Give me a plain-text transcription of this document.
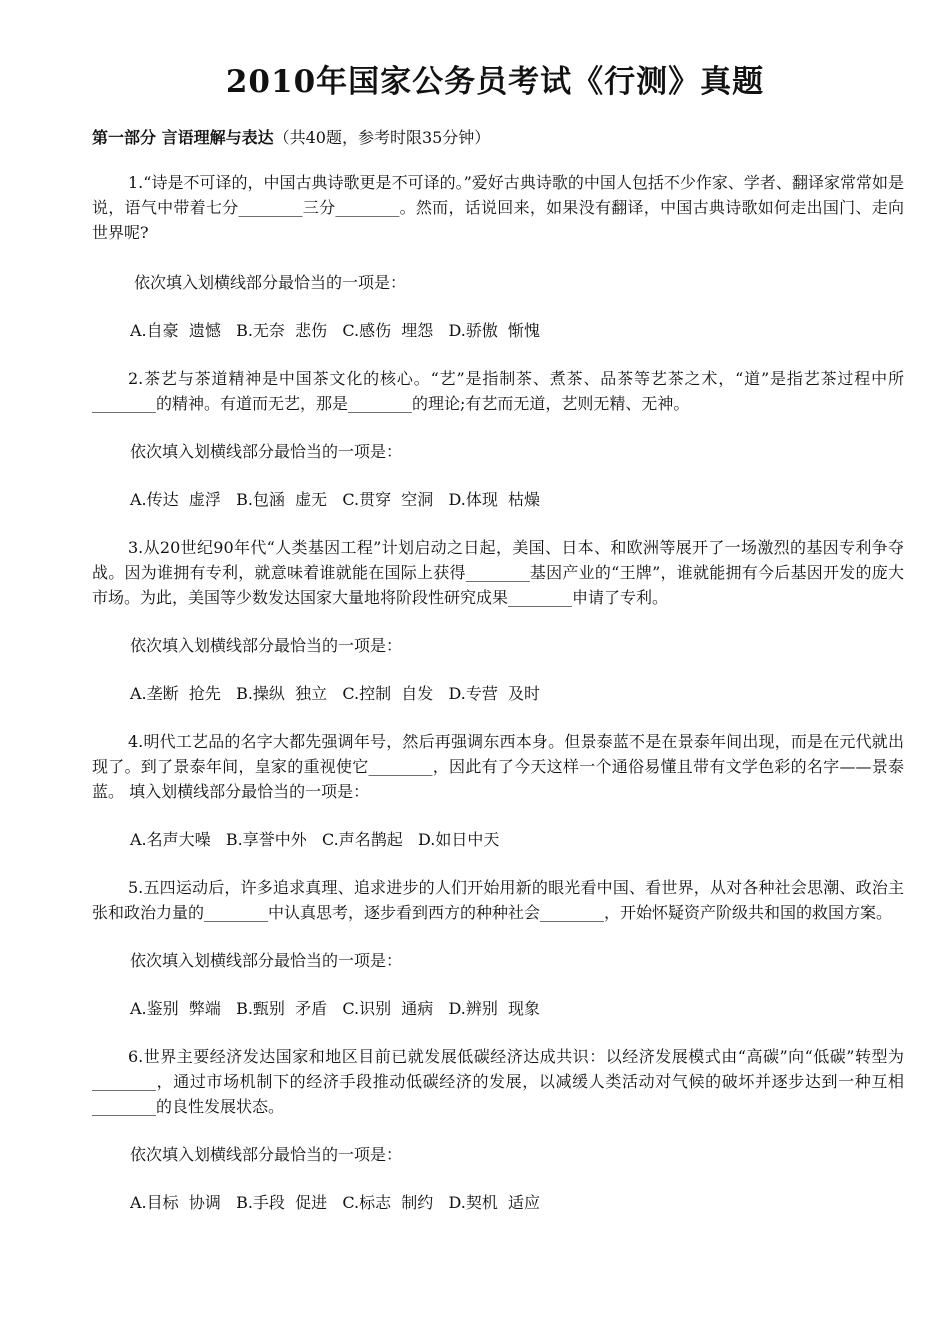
2010年国家公务员考试《行测》真题
第一部分 言语理解与表达（共40题，参考时限35分钟）

1.“诗是不可译的，中国古典诗歌更是不可译的。”爱好古典诗歌的中国人包括不少作家、学者、翻译家常常如是说，语气中带着七分________三分________。然而，话说回来，如果没有翻译，中国古典诗歌如何走出国门、走向世界呢?

依次填入划横线部分最恰当的一项是：

A.自豪  遗憾   B.无奈  悲伤   C.感伤  埋怨   D.骄傲  惭愧

2.茶艺与茶道精神是中国茶文化的核心。“艺”是指制茶、煮茶、品茶等艺茶之术，“道”是指艺茶过程中所________的精神。有道而无艺，那是________的理论;有艺而无道，艺则无精、无神。

依次填入划横线部分最恰当的一项是：

A.传达  虚浮   B.包涵  虚无   C.贯穿  空洞   D.体现  枯燥

3.从20世纪90年代“人类基因工程”计划启动之日起，美国、日本、和欧洲等展开了一场激烈的基因专利争夺战。因为谁拥有专利，就意味着谁就能在国际上获得________基因产业的“王牌”，谁就能拥有今后基因开发的庞大市场。为此，美国等少数发达国家大量地将阶段性研究成果________申请了专利。

依次填入划横线部分最恰当的一项是：

A.垄断  抢先   B.操纵  独立   C.控制  自发   D.专营  及时

4.明代工艺品的名字大都先强调年号，然后再强调东西本身。但景泰蓝不是在景泰年间出现，而是在元代就出现了。到了景泰年间，皇家的重视使它________，因此有了今天这样一个通俗易懂且带有文学色彩的名字——景泰蓝。 填入划横线部分最恰当的一项是：

A.名声大噪   B.享誉中外   C.声名鹊起   D.如日中天

5.五四运动后，许多追求真理、追求进步的人们开始用新的眼光看中国、看世界，从对各种社会思潮、政治主张和政治力量的________中认真思考，逐步看到西方的种种社会________，开始怀疑资产阶级共和国的救国方案。

依次填入划横线部分最恰当的一项是：

A.鉴别  弊端   B.甄别  矛盾   C.识别  通病   D.辨别  现象

6.世界主要经济发达国家和地区目前已就发展低碳经济达成共识：以经济发展模式由“高碳”向“低碳”转型为________，通过市场机制下的经济手段推动低碳经济的发展，以减缓人类活动对气候的破坏并逐步达到一种互相________的良性发展状态。

依次填入划横线部分最恰当的一项是：

A.目标  协调   B.手段  促进   C.标志  制约   D.契机  适应
